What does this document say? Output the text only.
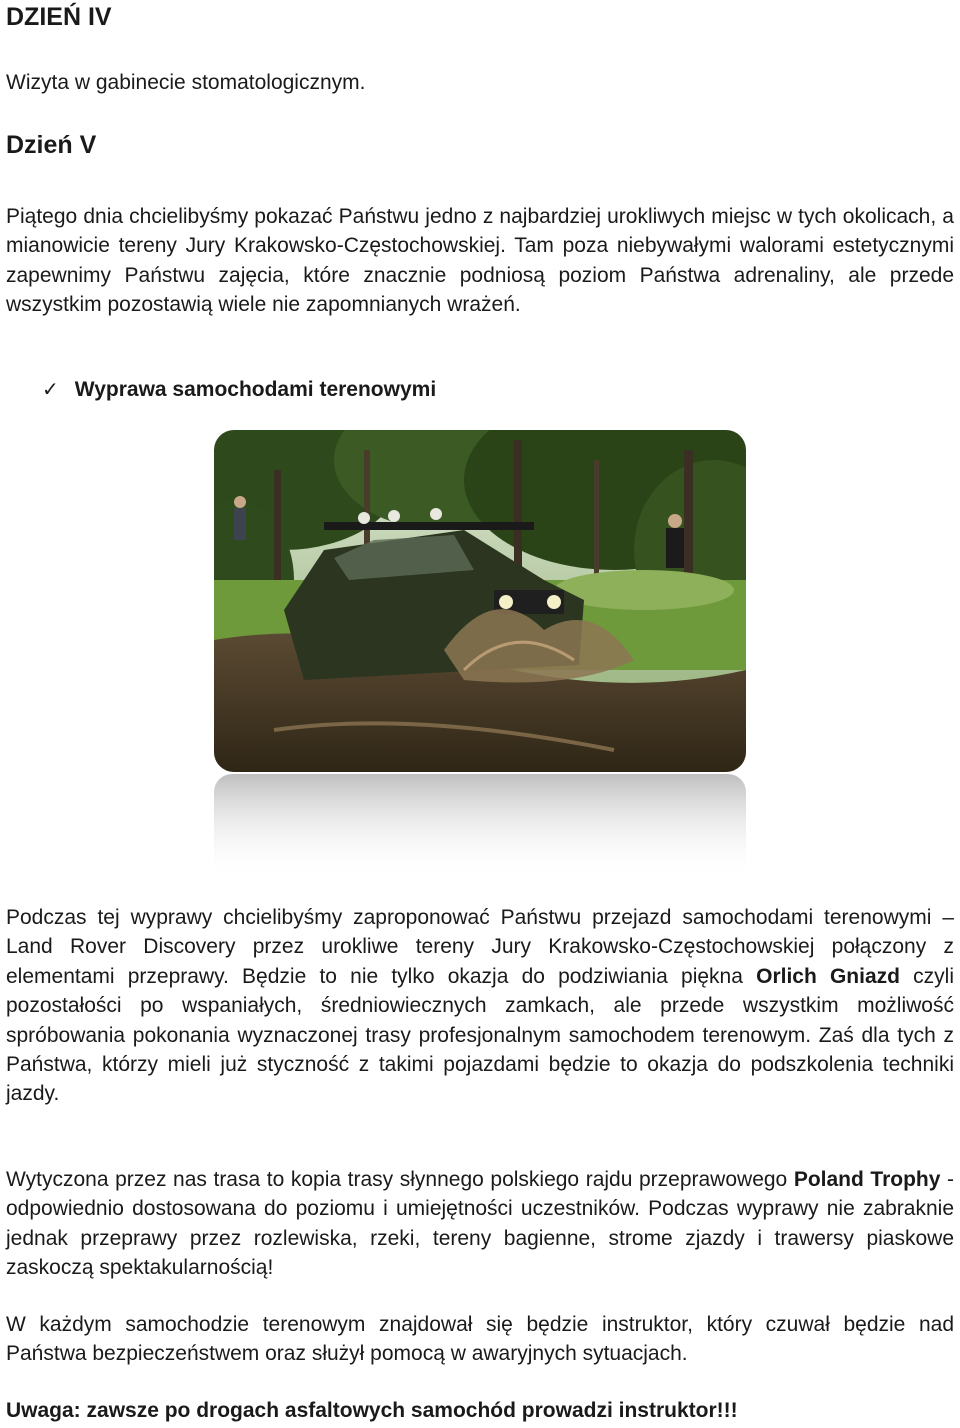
DZIEŃ IV

Wizyta w gabinecie stomatologicznym.

Dzień V

Piątego dnia chcielibyśmy pokazać Państwu jedno z najbardziej urokliwych miejsc w tych okolicach, a mianowicie tereny Jury Krakowsko-Częstochowskiej. Tam poza niebywałymi walorami estetycznymi zapewnimy Państwu zajęcia, które znacznie podniosą poziom Państwa adrenaliny, ale przede wszystkim pozostawią wiele nie zapomnianych wrażeń.

✓ Wyprawa samochodami terenowymi

Podczas tej wyprawy chcielibyśmy zaproponować Państwu przejazd samochodami terenowymi – Land Rover Discovery przez urokliwe tereny Jury Krakowsko-Częstochowskiej połączony z elementami przeprawy. Będzie to nie tylko okazja do podziwiania piękna Orlich Gniazd czyli pozostałości po wspaniałych, średniowiecznych zamkach, ale przede wszystkim możliwość spróbowania pokonania wyznaczonej trasy profesjonalnym samochodem terenowym. Zaś dla tych z Państwa, którzy mieli już styczność z takimi pojazdami będzie to okazja do podszkolenia techniki jazdy.

Wytyczona przez nas trasa to kopia trasy słynnego polskiego rajdu przeprawowego Poland Trophy - odpowiednio dostosowana do poziomu i umiejętności uczestników. Podczas wyprawy nie zabraknie jednak przeprawy przez rozlewiska, rzeki, tereny bagienne, strome zjazdy i trawersy piaskowe zaskoczą spektakularnością!

W każdym samochodzie terenowym znajdował się będzie instruktor, który czuwał będzie nad Państwa bezpieczeństwem oraz służył pomocą w awaryjnych sytuacjach.

Uwaga: zawsze po drogach asfaltowych samochód prowadzi instruktor!!!
